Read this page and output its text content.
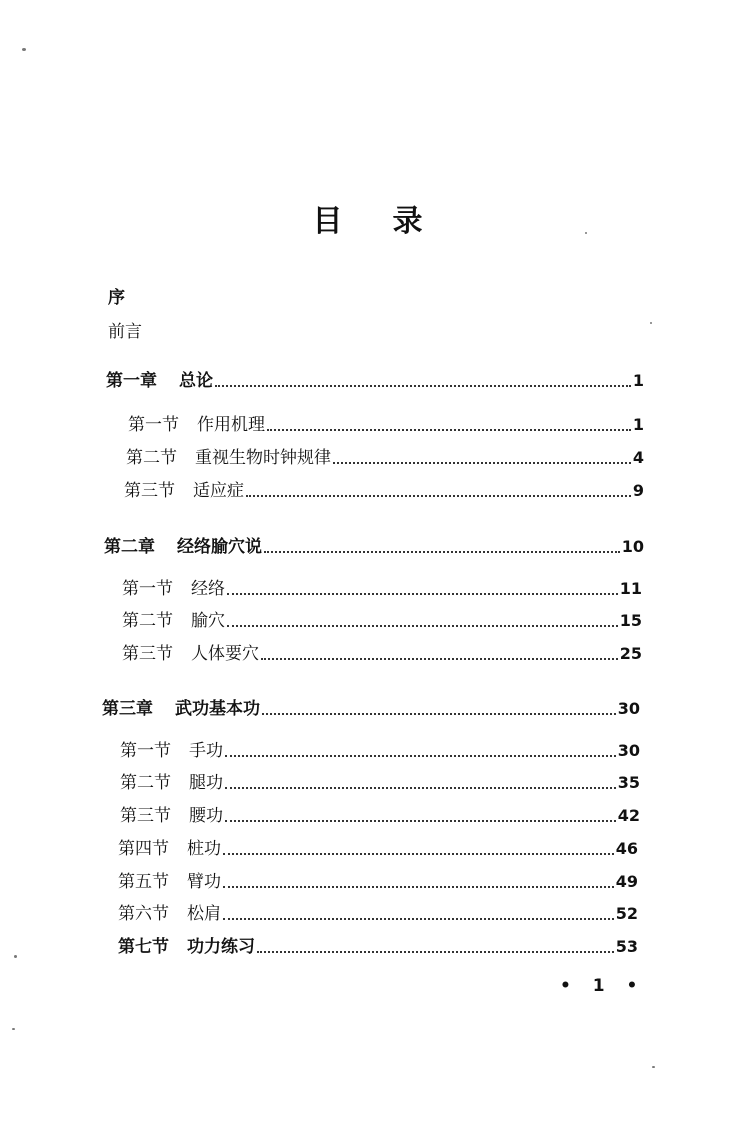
目 录
序
前言
第一章 总论	1
第一节 作用机理	1
第二节 重视生物时钟规律	4
第三节 适应症	9
第二章 经络腧穴说	10
第一节 经络	11
第二节 腧穴	15
第三节 人体要穴	25
第三章 武功基本功	30
第一节 手功	30
第二节 腿功	35
第三节 腰功	42
第四节 桩功	46
第五节 臂功	49
第六节 松肩	52
第七节 功力练习	53
• 1 •
